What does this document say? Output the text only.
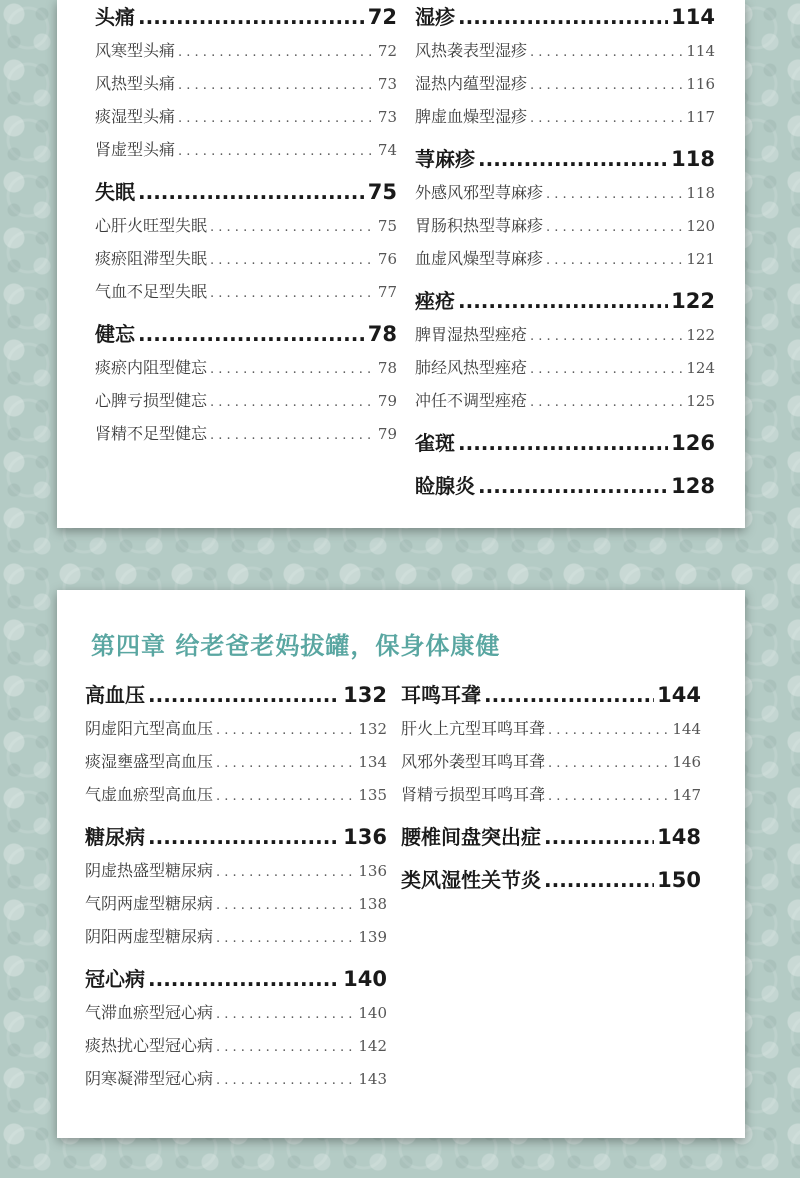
头痛 .....	72
风寒型头痛 . . .	72
风热型头痛 . . .	73
痰湿型头痛 . . .	73
肾虚型头痛 . . .	74
失眠 .....	75
心肝火旺型失眠 . . .	75
痰瘀阻滞型失眠 . . .	76
气血不足型失眠 . . .	77
健忘 .....	78
痰瘀内阻型健忘 . . .	78
心脾亏损型健忘 . . .	79
肾精不足型健忘 . . .	79
湿疹 .....	114
风热袭表型湿疹 . . .	114
湿热内蕴型湿疹 . . .	116
脾虚血燥型湿疹 . . .	117
荨麻疹 .....	118
外感风邪型荨麻疹 . . .	118
胃肠积热型荨麻疹 . . .	120
血虚风燥型荨麻疹 . . .	121
痤疮 .....	122
脾胃湿热型痤疮 . . .	122
肺经风热型痤疮 . . .	124
冲任不调型痤疮 . . .	125
雀斑 .....	126
睑腺炎 .....	128
第四章 给老爸老妈拔罐，保身体康健
高血压 .....	132
阴虚阳亢型高血压 . . .	132
痰湿壅盛型高血压 . . .	134
气虚血瘀型高血压 . . .	135
糖尿病 .....	136
阴虚热盛型糖尿病 . . .	136
气阴两虚型糖尿病 . . .	138
阴阳两虚型糖尿病 . . .	139
冠心病 .....	140
气滞血瘀型冠心病 . . .	140
痰热扰心型冠心病 . . .	142
阴寒凝滞型冠心病 . . .	143
耳鸣耳聋 .....	144
肝火上亢型耳鸣耳聋 . . .	144
风邪外袭型耳鸣耳聋 . . .	146
肾精亏损型耳鸣耳聋 . . .	147
腰椎间盘突出症 .....	148
类风湿性关节炎 .....	150
